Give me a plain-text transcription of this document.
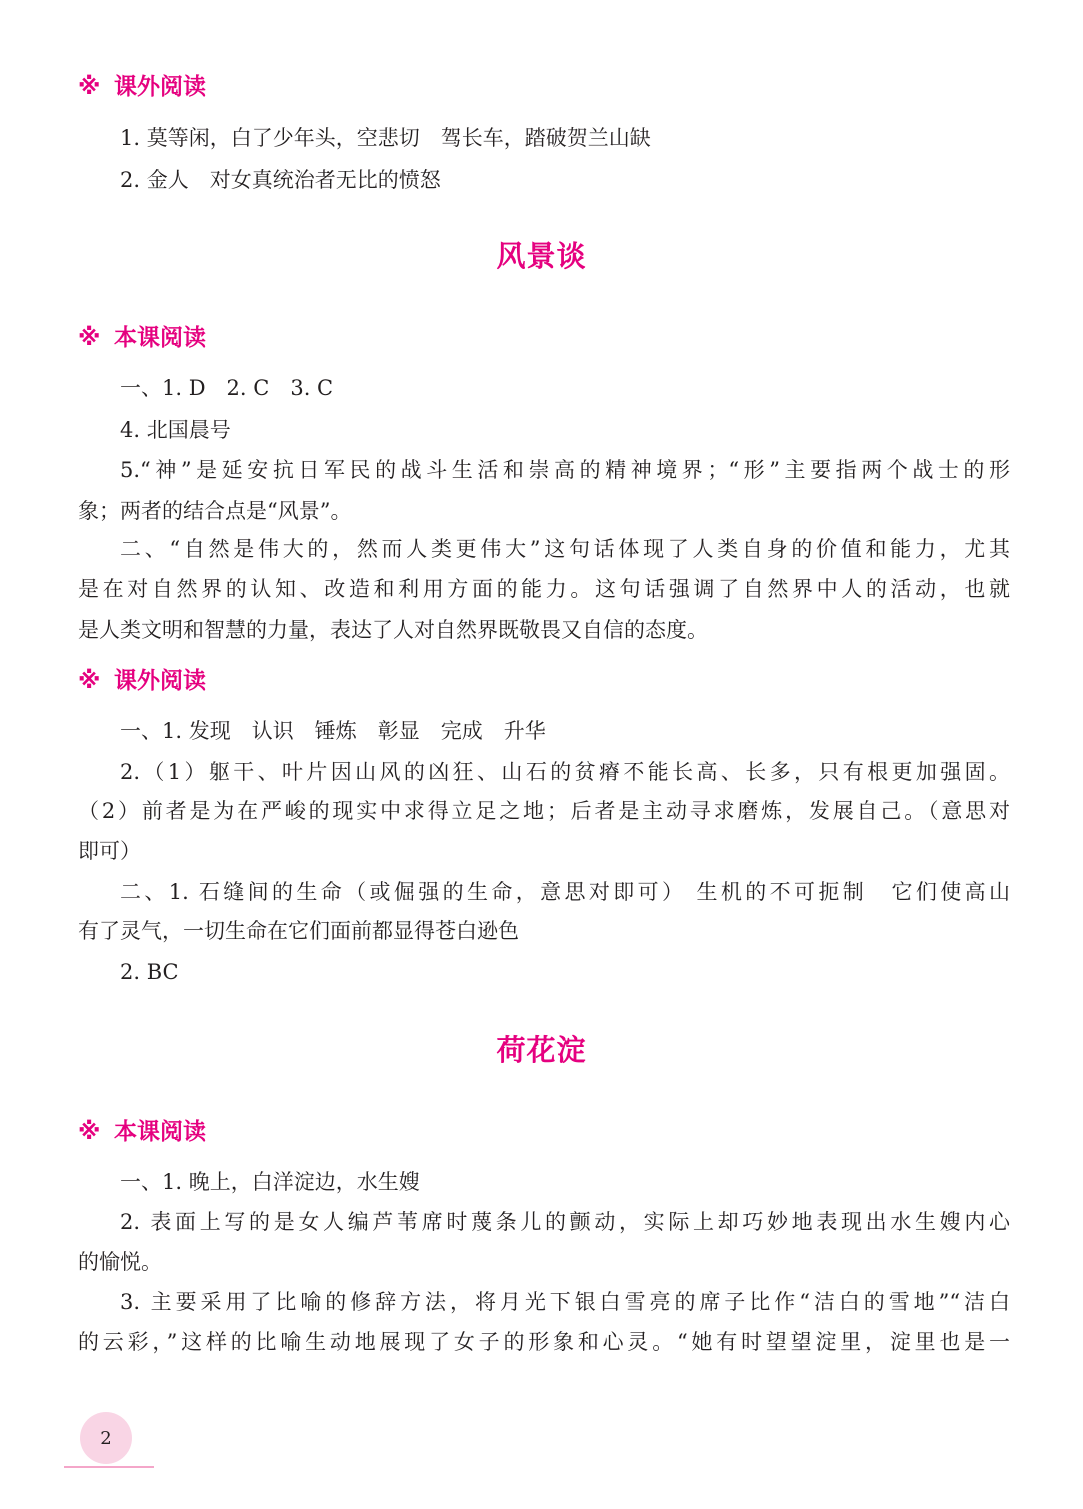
※ 课外阅读
1. 莫等闲，白了少年头，空悲切　驾长车，踏破贺兰山缺
2. 金人　对女真统治者无比的愤怒
风景谈
※ 本课阅读
一、1. D　2. C　3. C
4. 北国晨号
5.“神”是延安抗日军民的战斗生活和崇高的精神境界；“形”主要指两个战士的形
象；两者的结合点是“风景”。
二、“自然是伟大的，然而人类更伟大”这句话体现了人类自身的价值和能力，尤其
是在对自然界的认知、改造和利用方面的能力。这句话强调了自然界中人的活动，也就
是人类文明和智慧的力量，表达了人对自然界既敬畏又自信的态度。
※ 课外阅读
一、1. 发现　认识　锤炼　彰显　完成　升华
2.（1）躯干、叶片因山风的凶狂、山石的贫瘠不能长高、长多，只有根更加强固。
（2）前者是为在严峻的现实中求得立足之地；后者是主动寻求磨炼，发展自己。（意思对
即可）
二、1. 石缝间的生命（或倔强的生命，意思对即可） 生机的不可扼制　它们使高山
有了灵气，一切生命在它们面前都显得苍白逊色
2. BC
荷花淀
※ 本课阅读
一、1. 晚上，白洋淀边，水生嫂
2. 表面上写的是女人编芦苇席时蔑条儿的颤动，实际上却巧妙地表现出水生嫂内心
的愉悦。
3. 主要采用了比喻的修辞方法，将月光下银白雪亮的席子比作“洁白的雪地”“洁白
的云彩，”这样的比喻生动地展现了女子的形象和心灵。“她有时望望淀里，淀里也是一
2
